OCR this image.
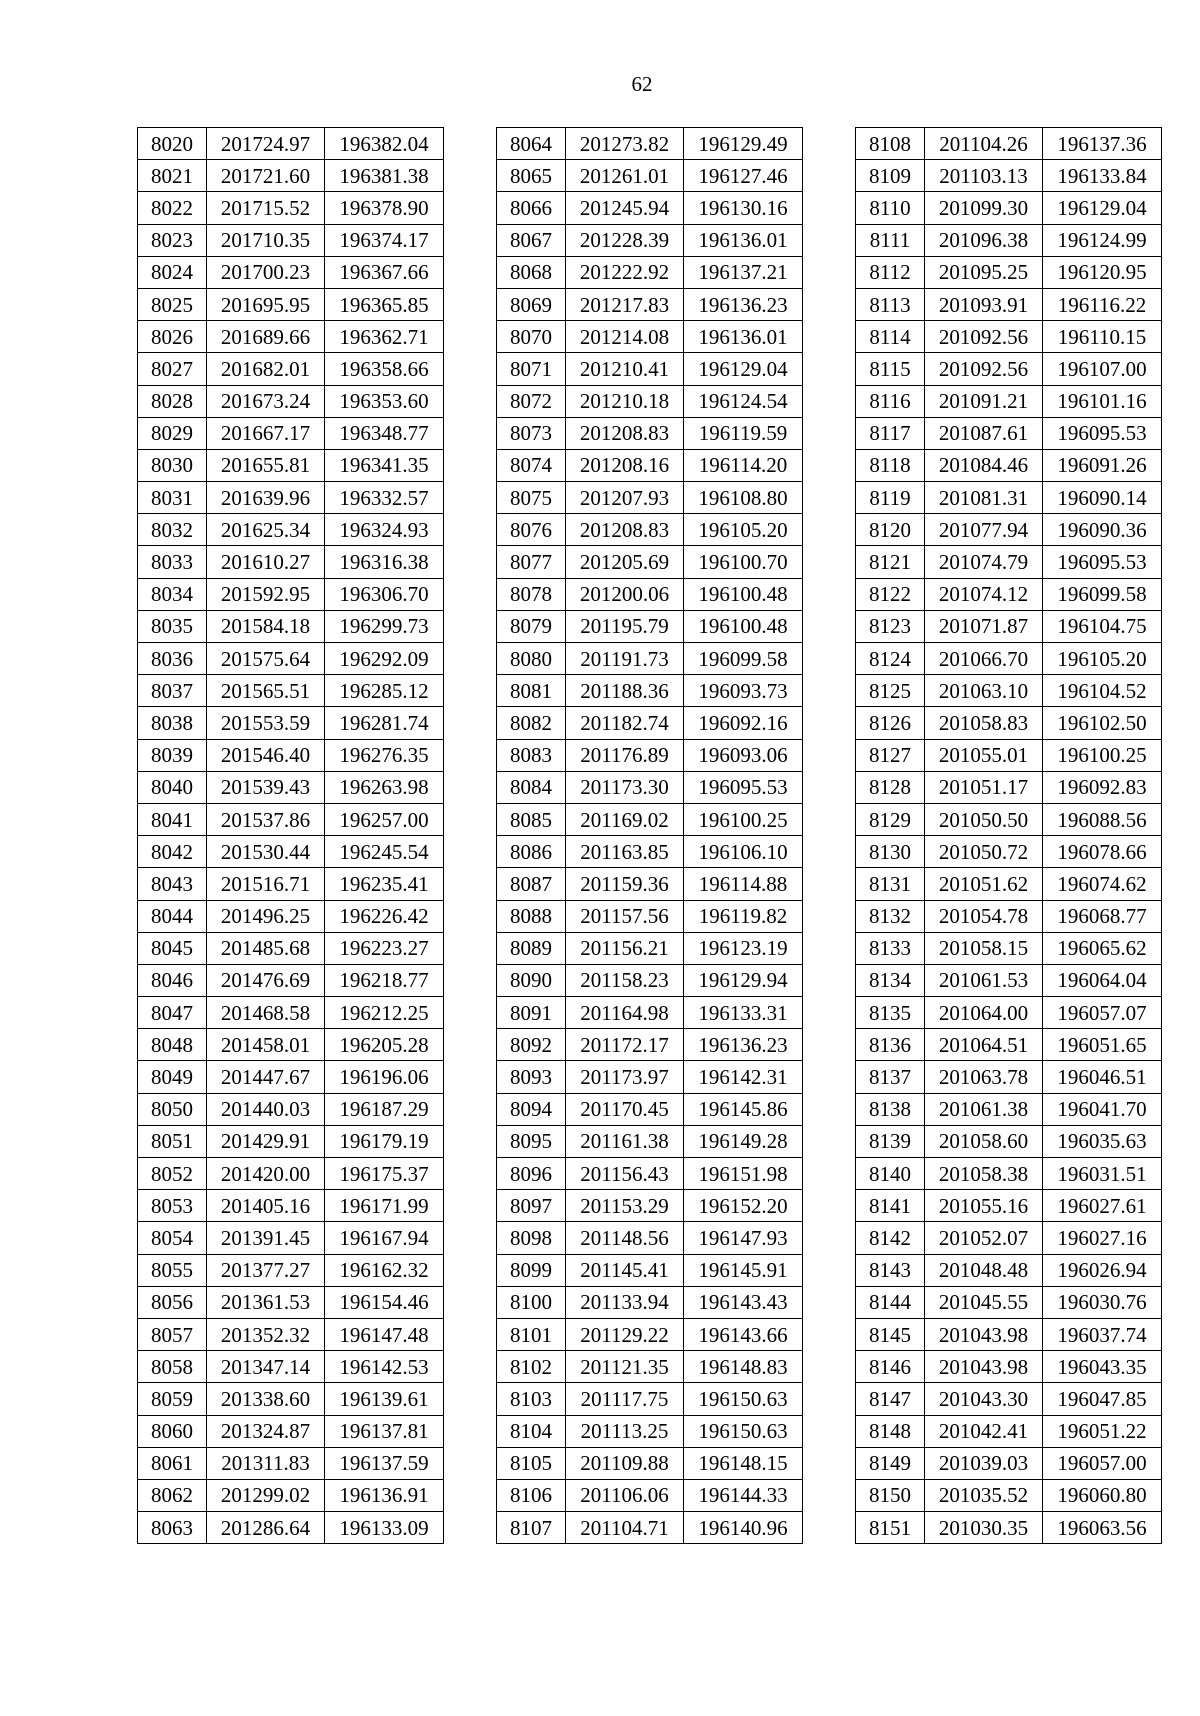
62
8020	201724.97	196382.04
8021	201721.60	196381.38
8022	201715.52	196378.90
8023	201710.35	196374.17
8024	201700.23	196367.66
8025	201695.95	196365.85
8026	201689.66	196362.71
8027	201682.01	196358.66
8028	201673.24	196353.60
8029	201667.17	196348.77
8030	201655.81	196341.35
8031	201639.96	196332.57
8032	201625.34	196324.93
8033	201610.27	196316.38
8034	201592.95	196306.70
8035	201584.18	196299.73
8036	201575.64	196292.09
8037	201565.51	196285.12
8038	201553.59	196281.74
8039	201546.40	196276.35
8040	201539.43	196263.98
8041	201537.86	196257.00
8042	201530.44	196245.54
8043	201516.71	196235.41
8044	201496.25	196226.42
8045	201485.68	196223.27
8046	201476.69	196218.77
8047	201468.58	196212.25
8048	201458.01	196205.28
8049	201447.67	196196.06
8050	201440.03	196187.29
8051	201429.91	196179.19
8052	201420.00	196175.37
8053	201405.16	196171.99
8054	201391.45	196167.94
8055	201377.27	196162.32
8056	201361.53	196154.46
8057	201352.32	196147.48
8058	201347.14	196142.53
8059	201338.60	196139.61
8060	201324.87	196137.81
8061	201311.83	196137.59
8062	201299.02	196136.91
8063	201286.64	196133.09
8064	201273.82	196129.49
8065	201261.01	196127.46
8066	201245.94	196130.16
8067	201228.39	196136.01
8068	201222.92	196137.21
8069	201217.83	196136.23
8070	201214.08	196136.01
8071	201210.41	196129.04
8072	201210.18	196124.54
8073	201208.83	196119.59
8074	201208.16	196114.20
8075	201207.93	196108.80
8076	201208.83	196105.20
8077	201205.69	196100.70
8078	201200.06	196100.48
8079	201195.79	196100.48
8080	201191.73	196099.58
8081	201188.36	196093.73
8082	201182.74	196092.16
8083	201176.89	196093.06
8084	201173.30	196095.53
8085	201169.02	196100.25
8086	201163.85	196106.10
8087	201159.36	196114.88
8088	201157.56	196119.82
8089	201156.21	196123.19
8090	201158.23	196129.94
8091	201164.98	196133.31
8092	201172.17	196136.23
8093	201173.97	196142.31
8094	201170.45	196145.86
8095	201161.38	196149.28
8096	201156.43	196151.98
8097	201153.29	196152.20
8098	201148.56	196147.93
8099	201145.41	196145.91
8100	201133.94	196143.43
8101	201129.22	196143.66
8102	201121.35	196148.83
8103	201117.75	196150.63
8104	201113.25	196150.63
8105	201109.88	196148.15
8106	201106.06	196144.33
8107	201104.71	196140.96
8108	201104.26	196137.36
8109	201103.13	196133.84
8110	201099.30	196129.04
8111	201096.38	196124.99
8112	201095.25	196120.95
8113	201093.91	196116.22
8114	201092.56	196110.15
8115	201092.56	196107.00
8116	201091.21	196101.16
8117	201087.61	196095.53
8118	201084.46	196091.26
8119	201081.31	196090.14
8120	201077.94	196090.36
8121	201074.79	196095.53
8122	201074.12	196099.58
8123	201071.87	196104.75
8124	201066.70	196105.20
8125	201063.10	196104.52
8126	201058.83	196102.50
8127	201055.01	196100.25
8128	201051.17	196092.83
8129	201050.50	196088.56
8130	201050.72	196078.66
8131	201051.62	196074.62
8132	201054.78	196068.77
8133	201058.15	196065.62
8134	201061.53	196064.04
8135	201064.00	196057.07
8136	201064.51	196051.65
8137	201063.78	196046.51
8138	201061.38	196041.70
8139	201058.60	196035.63
8140	201058.38	196031.51
8141	201055.16	196027.61
8142	201052.07	196027.16
8143	201048.48	196026.94
8144	201045.55	196030.76
8145	201043.98	196037.74
8146	201043.98	196043.35
8147	201043.30	196047.85
8148	201042.41	196051.22
8149	201039.03	196057.00
8150	201035.52	196060.80
8151	201030.35	196063.56
